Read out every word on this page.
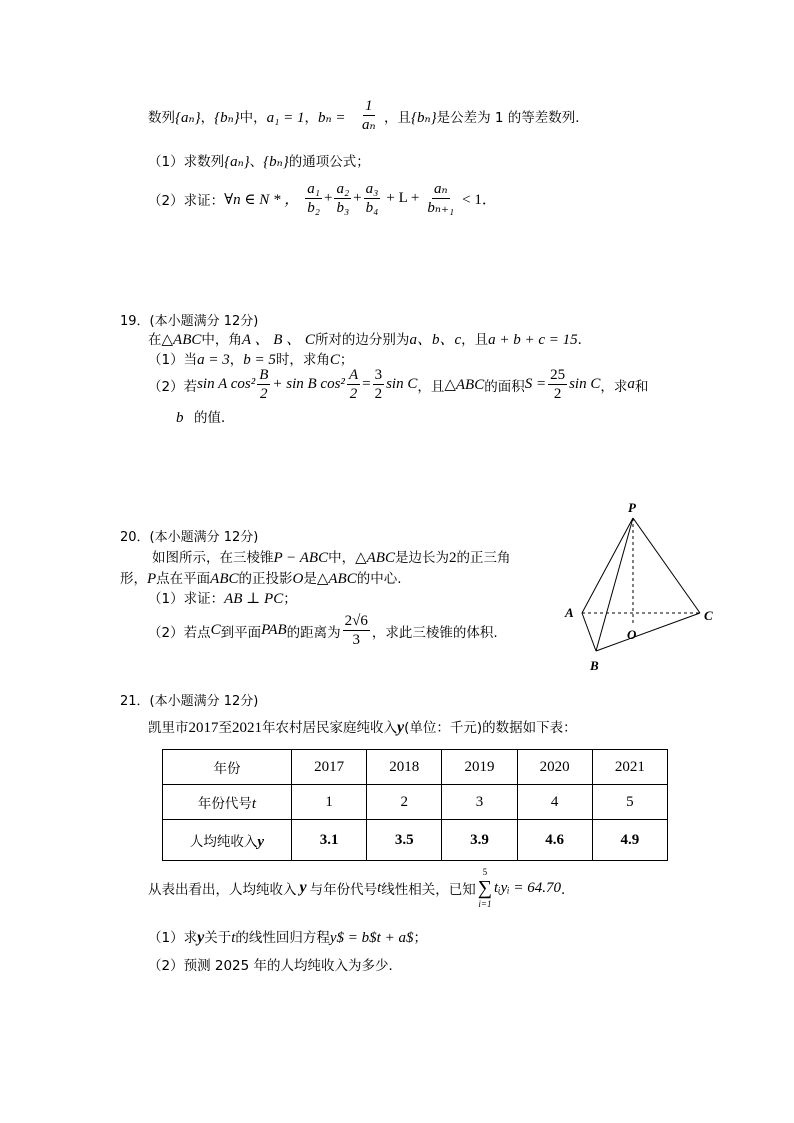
数列{aₙ}，{bₙ}中，a₁ = 1，$b_n = \frac{1}{\text{aₙ}}$ ，且{bₙ}是公差为 1 的等差数列．
（1）求数列{aₙ}、{bₙ}的通项公式；
（2）求证： ∀n ∈ N * ， $\frac{\text{a₁}}{\text{b₂}} + \frac{\text{a₂}}{\text{b₃}} + \frac{\text{a₃}}{\text{b₄}} + L + \frac{\text{aₙ}}{\text{bₙ₊₁}} < 1$．
19．(本小题满分 12分)
在△ABC中，角A 、 B 、 C所对的边分别为a、b、c，且a + b + c = 15．
（1）当a = 3，b = 5时，求角C；
（2）若 sin A $\cos^2 \frac{B}{2} + \sin B$ $\cos^2 \frac{A}{2} = \frac{3}{2}$ sin C ，且 △ABC 的面积 $S = \frac{25}{2}$ sin C ，求 a 和
b 的值．
20．(本小题满分 12分)
如图所示，在三棱锥P − ABC中，△ABC是边长为2的正三角
形，P点在平面ABC的正投影O是△ABC的中心.
（1）求证：AB ⊥ PC；
（2）若点 C 到平面 PAB 的距离为 $\frac{2√6}{3}$ ，求此三棱锥的体积.
P
A
B
C
O
21．(本小题满分 12分)
凯里市2017至2021年农村居民家庭纯收入y(单位：千元)的数据如下表：
年份	2017	2018	2019	2020	2021
年份代号t	1	2	3	4	5
人均纯收入y	3.1	3.5	3.9	4.6	4.9
从表出看出，人均纯收入 y 与年份代号 t 线性相关，已知
5
∑
i=1
tᵢyᵢ = 64.70 ．
（1）求y关于t的线性回归方程y$ = b$t + a$；
（2）预测 2025 年的人均纯收入为多少．
